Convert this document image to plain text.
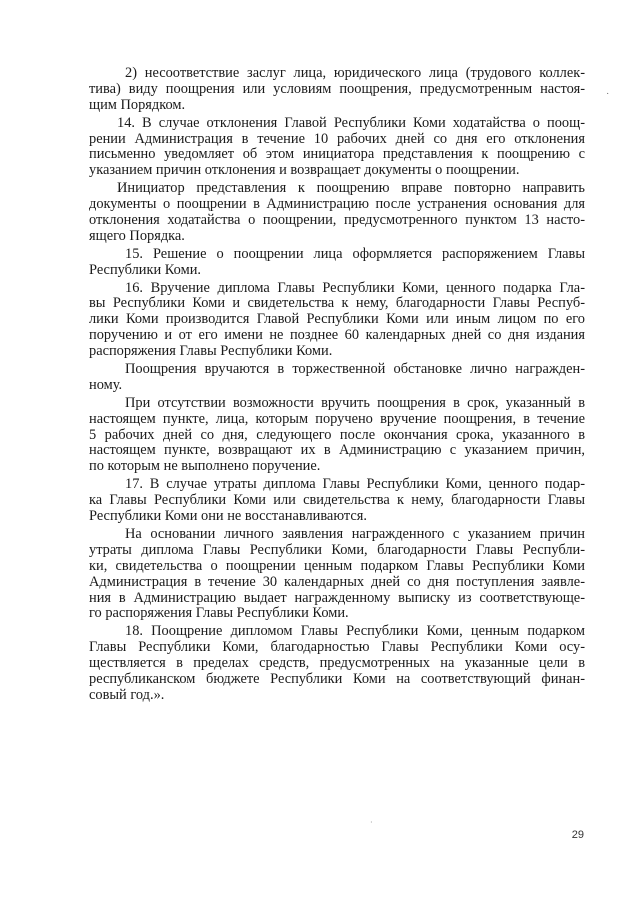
2) несоответствие заслуг лица, юридического лица (трудового коллек-
тива) виду поощрения или условиям поощрения, предусмотренным настоя-
щим Порядком.
14. В случае отклонения Главой Республики Коми ходатайства о поощ-
рении Администрация в течение 10 рабочих дней со дня его отклонения
письменно уведомляет об этом инициатора представления к поощрению с
указанием причин отклонения и возвращает документы о поощрении.
Инициатор представления к поощрению вправе повторно направить
документы о поощрении в Администрацию после устранения основания для
отклонения ходатайства о поощрении, предусмотренного пунктом 13 насто-
ящего Порядка.
15. Решение о поощрении лица оформляется распоряжением Главы
Республики Коми.
16. Вручение диплома Главы Республики Коми, ценного подарка Гла-
вы Республики Коми и свидетельства к нему, благодарности Главы Респуб-
лики Коми производится Главой Республики Коми или иным лицом по его
поручению и от его имени не позднее 60 календарных дней со дня издания
распоряжения Главы Республики Коми.
Поощрения вручаются в торжественной обстановке лично награжден-
ному.
При отсутствии возможности вручить поощрения в срок, указанный в
настоящем пункте, лица, которым поручено вручение поощрения, в течение
5 рабочих дней со дня, следующего после окончания срока, указанного в
настоящем пункте, возвращают их в Администрацию с указанием причин,
по которым не выполнено поручение.
17. В случае утраты диплома Главы Республики Коми, ценного подар-
ка Главы Республики Коми или свидетельства к нему, благодарности Главы
Республики Коми они не восстанавливаются.
На основании личного заявления награжденного с указанием причин
утраты диплома Главы Республики Коми, благодарности Главы Республи-
ки, свидетельства о поощрении ценным подарком Главы Республики Коми
Администрация в течение 30 календарных дней со дня поступления заявле-
ния в Администрацию выдает награжденному выписку из соответствующе-
го распоряжения Главы Республики Коми.
18. Поощрение дипломом Главы Республики Коми, ценным подарком
Главы Республики Коми, благодарностью Главы Республики Коми осу-
ществляется в пределах средств, предусмотренных на указанные цели в
республиканском бюджете Республики Коми на соответствующий финан-
совый год.».
˙
·
29
